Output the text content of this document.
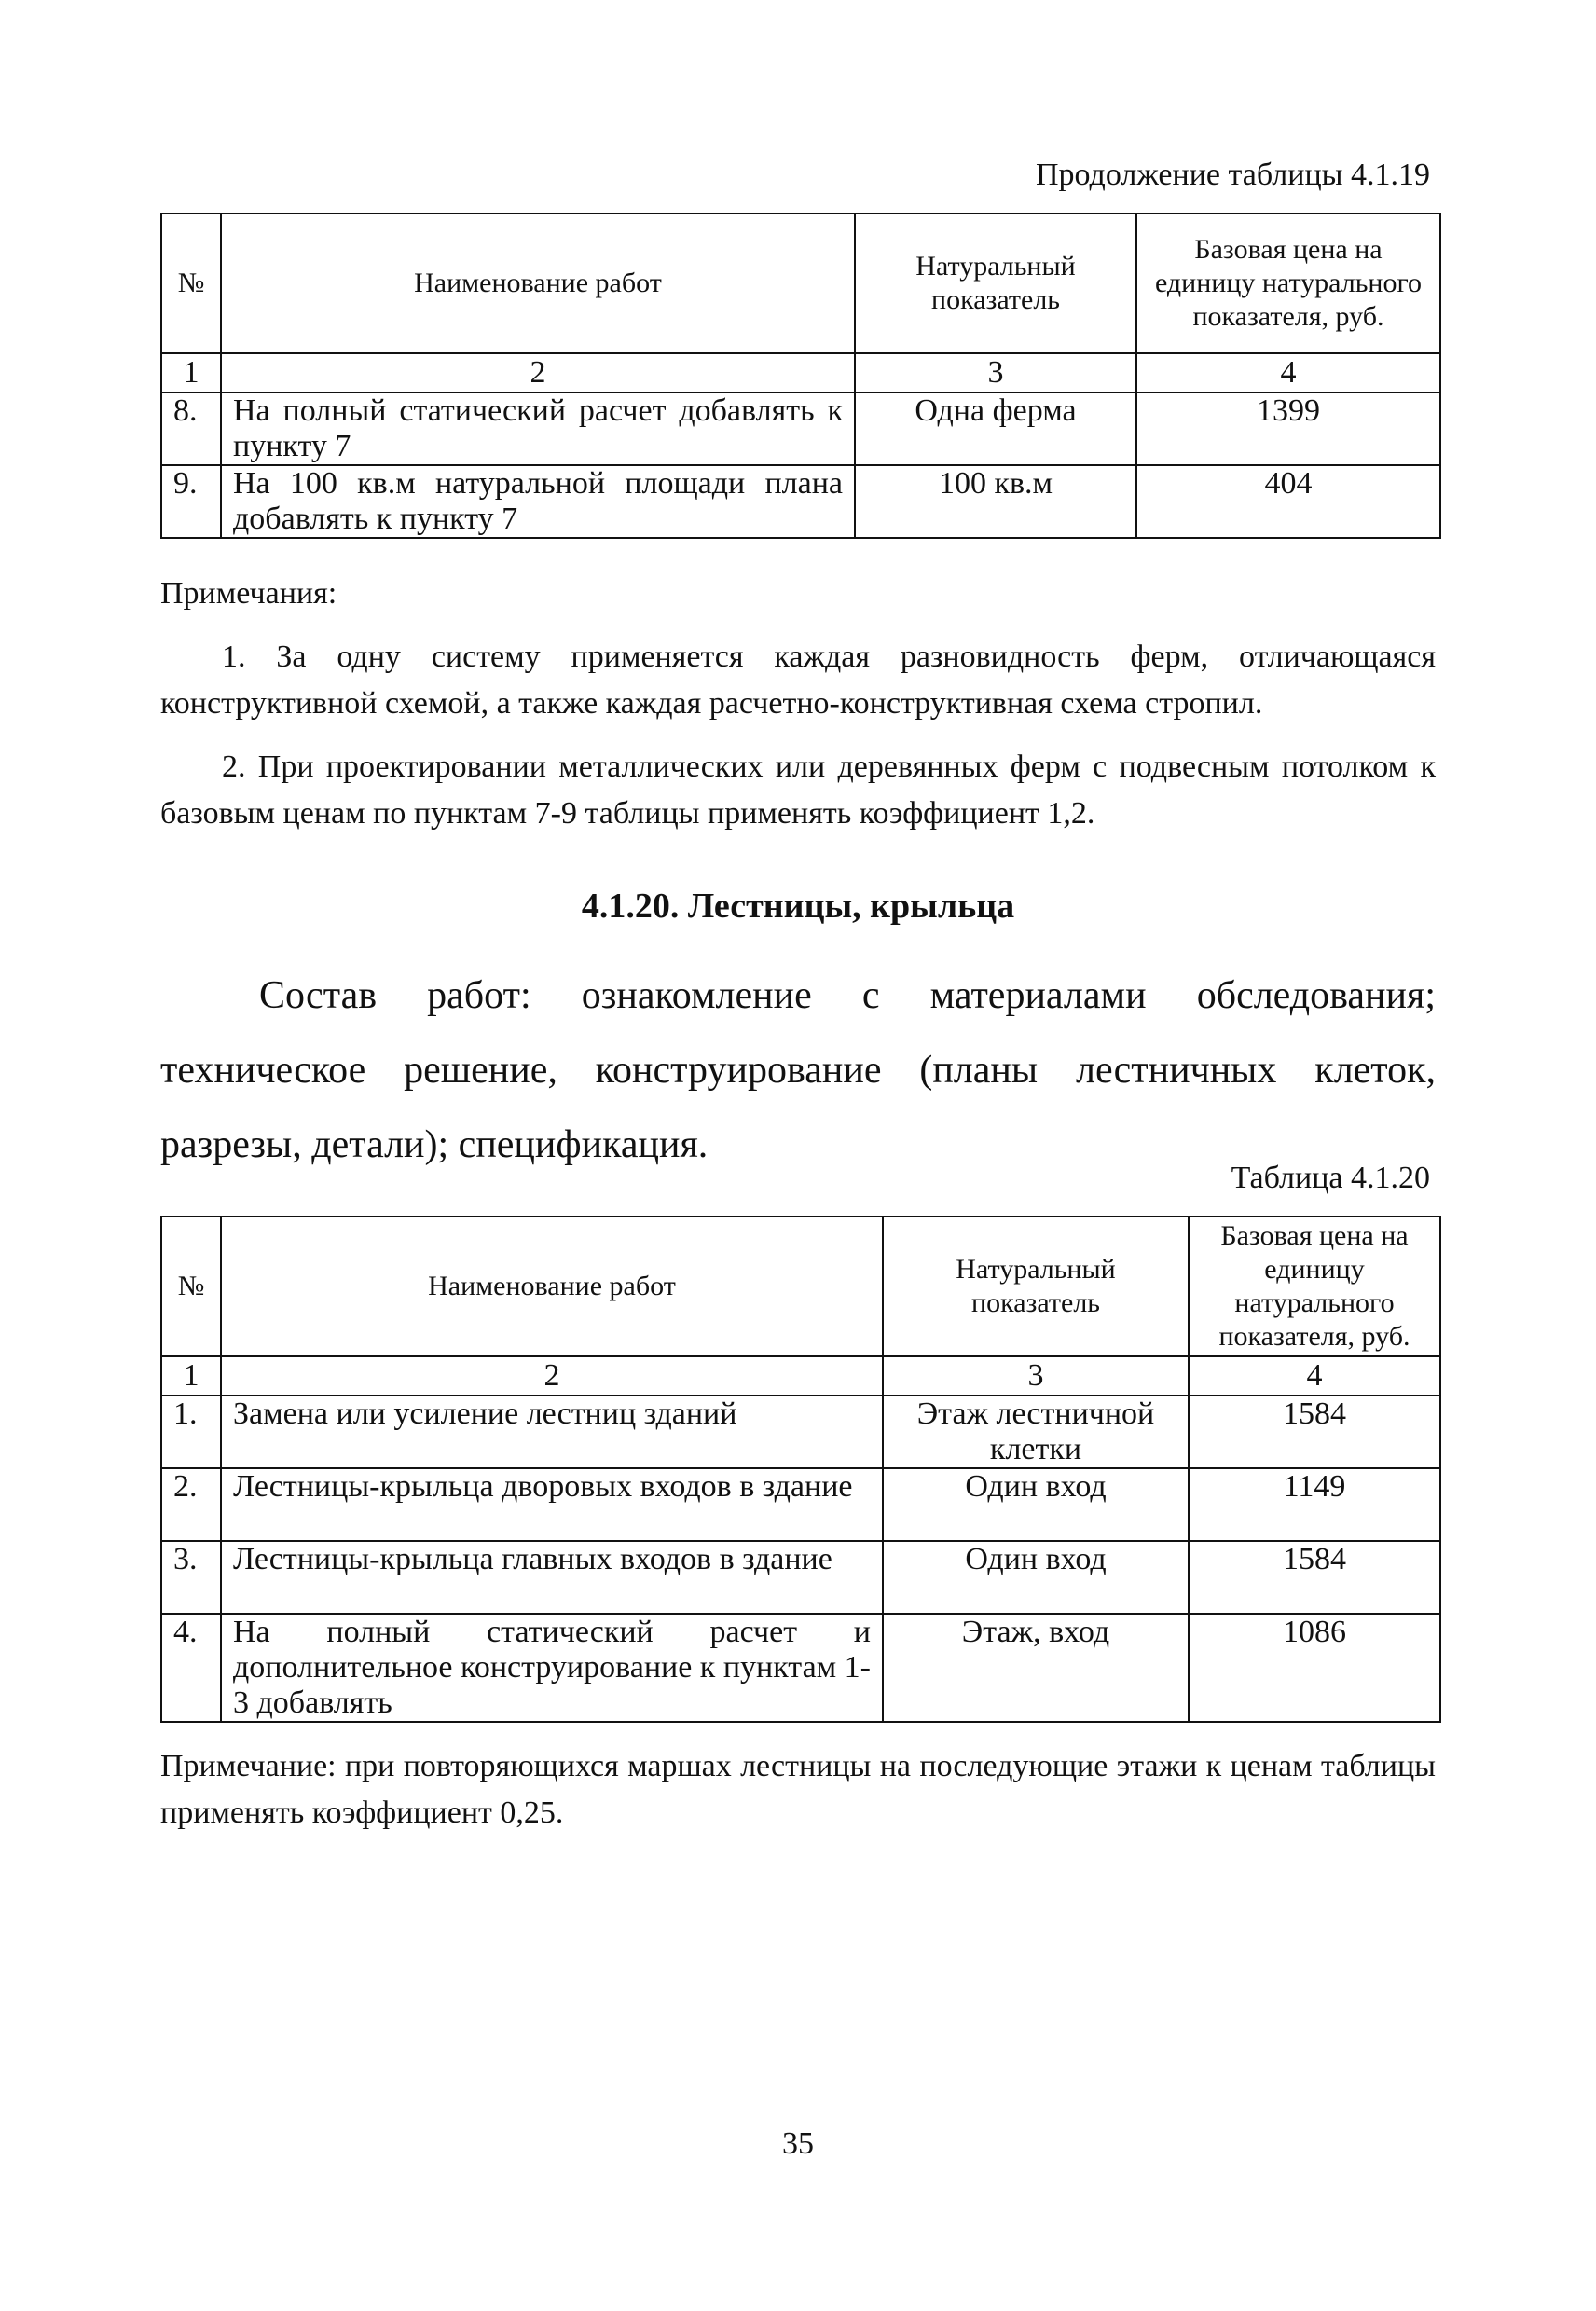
Продолжение таблицы 4.1.19
№	Наименование работ	Натуральный показатель	Базовая цена на единицу натурального показателя, руб.
1	2	3	4
8.	На полный статический расчет добавлять к пункту 7	Одна ферма	1399
9.	На 100 кв.м натуральной площади плана добавлять к пункту 7	100 кв.м	404

Примечания:

1. За одну систему применяется каждая разновидность ферм, отличающаяся конструктивной схемой, а также каждая расчетно-конструктивная схема стропил.

2. При проектировании металлических или деревянных ферм с подвесным потолком к базовым ценам по пунктам 7-9 таблицы применять коэффициент 1,2.

4.1.20. Лестницы, крыльца
Состав работ: ознакомление с материалами обследования; техническое решение, конструирование (планы лестничных клеток, разрезы, детали); спецификация.
Таблица 4.1.20
№	Наименование работ	Натуральный показатель	Базовая цена на единицу натурального показателя, руб.
1	2	3	4
1.	Замена или усиление лестниц зданий	Этаж лестничной клетки	1584
2.	Лестницы-крыльца дворовых входов в здание	Один вход	1149
3.	Лестницы-крыльца главных входов в здание	Один вход	1584
4.	На полный статический расчет и дополнительное конструирование к пунктам 1-3 добавлять	Этаж, вход	1086

Примечание: при повторяющихся маршах лестницы на последующие этажи к ценам таблицы применять коэффициент 0,25.

35
